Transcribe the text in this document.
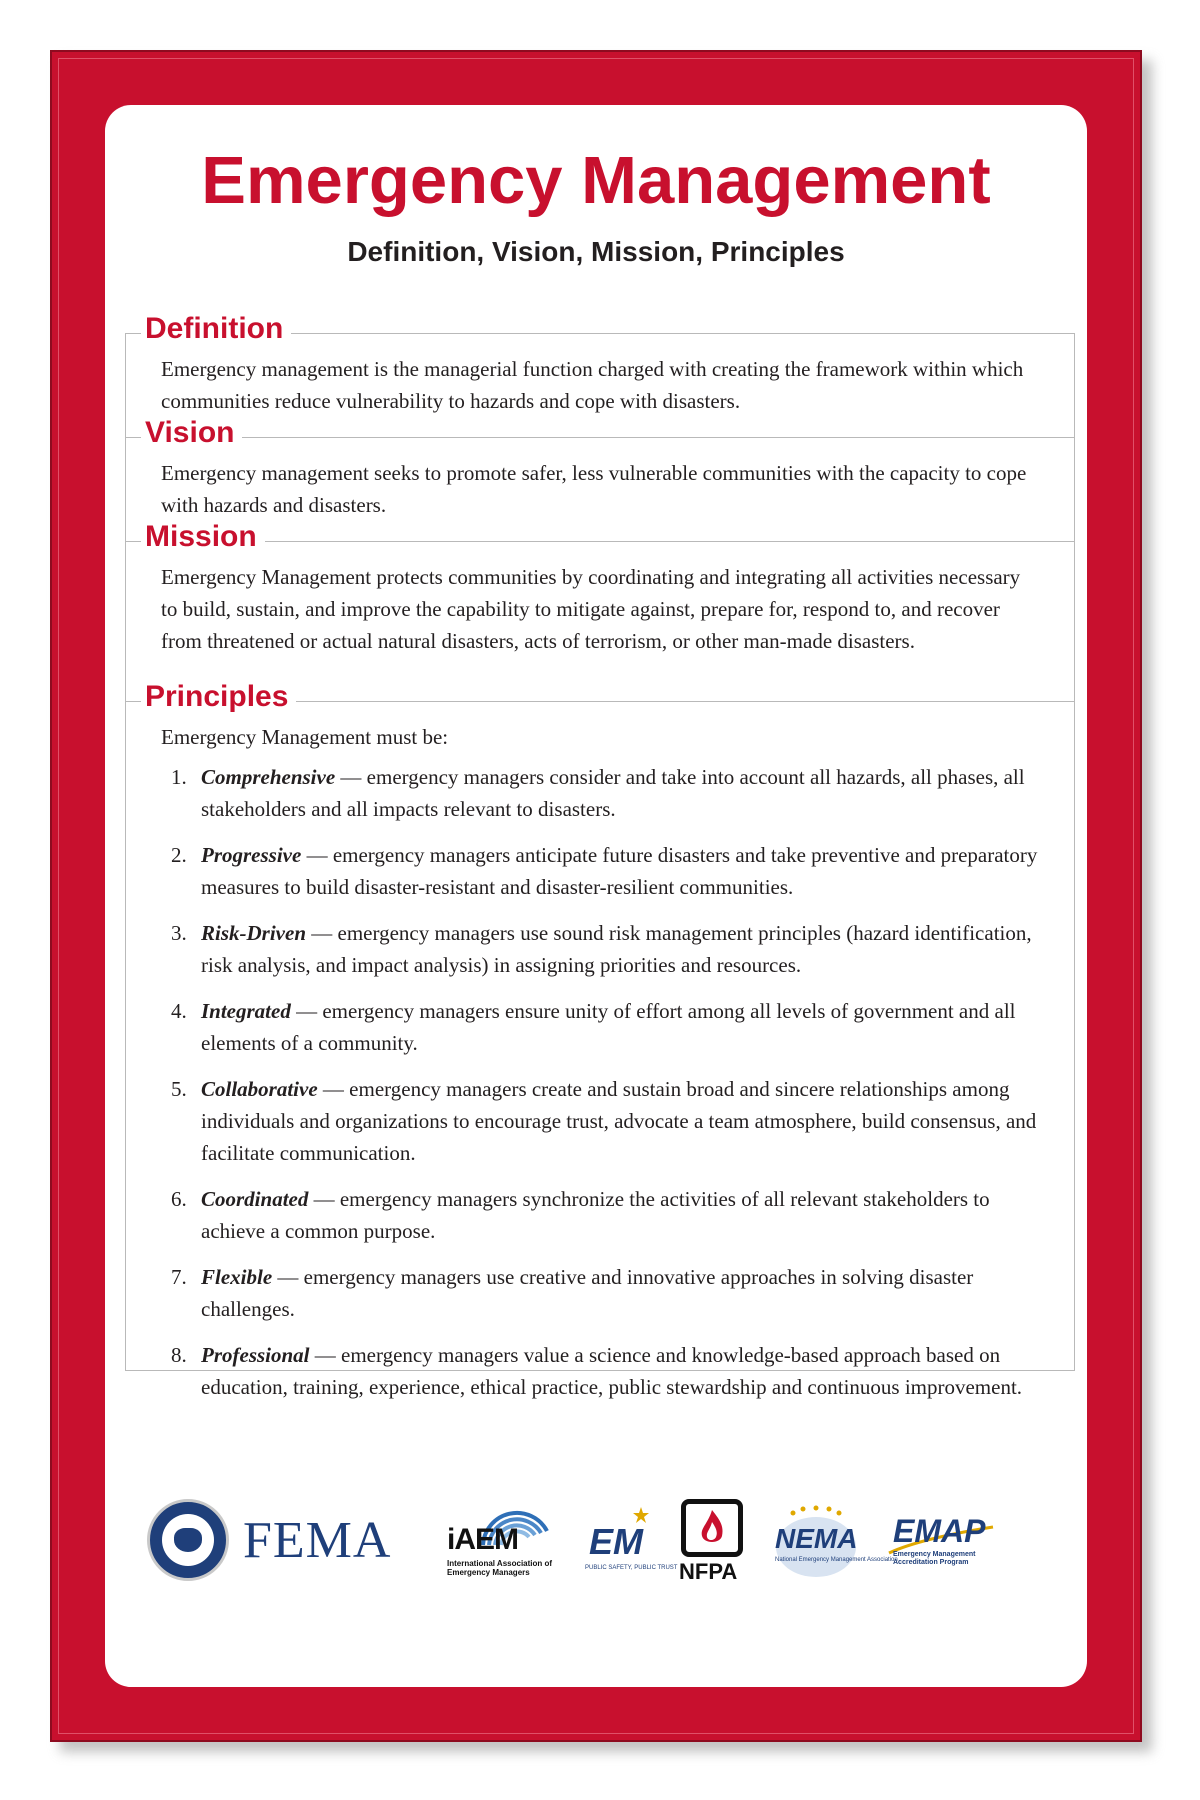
Emergency Management
Definition, Vision, Mission, Principles
Definition

Emergency management is the managerial function charged with creating the framework within which communities reduce vulnerability to hazards and cope with disasters.

Vision

Emergency management seeks to promote safer, less vulnerable communities with the capacity to cope with hazards and disasters.

Mission

Emergency Management protects communities by coordinating and integrating all activities necessary to build, sustain, and improve the capability to mitigate against, prepare for, respond to, and recover from threatened or actual natural disasters, acts of terrorism, or other man-made disasters.

Principles

Emergency Management must be:

1. Comprehensive — emergency managers consider and take into account all hazards, all phases, all stakeholders and all impacts relevant to disasters.
2. Progressive — emergency managers anticipate future disasters and take preventive and preparatory measures to build disaster-resistant and disaster-resilient communities.
3. Risk-Driven — emergency managers use sound risk management principles (hazard identification, risk analysis, and impact analysis) in assigning priorities and resources.
4. Integrated — emergency managers ensure unity of effort among all levels of government and all elements of a community.
5. Collaborative — emergency managers create and sustain broad and sincere relationships among individuals and organizations to encourage trust, advocate a team atmosphere, build consensus, and facilitate communication.
6. Coordinated — emergency managers synchronize the activities of all relevant stakeholders to achieve a common purpose.
7. Flexible — emergency managers use creative and innovative approaches in solving disaster challenges.
8. Professional — emergency managers value a science and knowledge-based approach based on education, training, experience, ethical practice, public stewardship and continuous improvement.
FEMA iAEM
International Association of Emergency Managers
EM
PUBLIC SAFETY, PUBLIC TRUST NFPA
NEMA
National Emergency Management Association
EMAP
Emergency Management Accreditation Program
